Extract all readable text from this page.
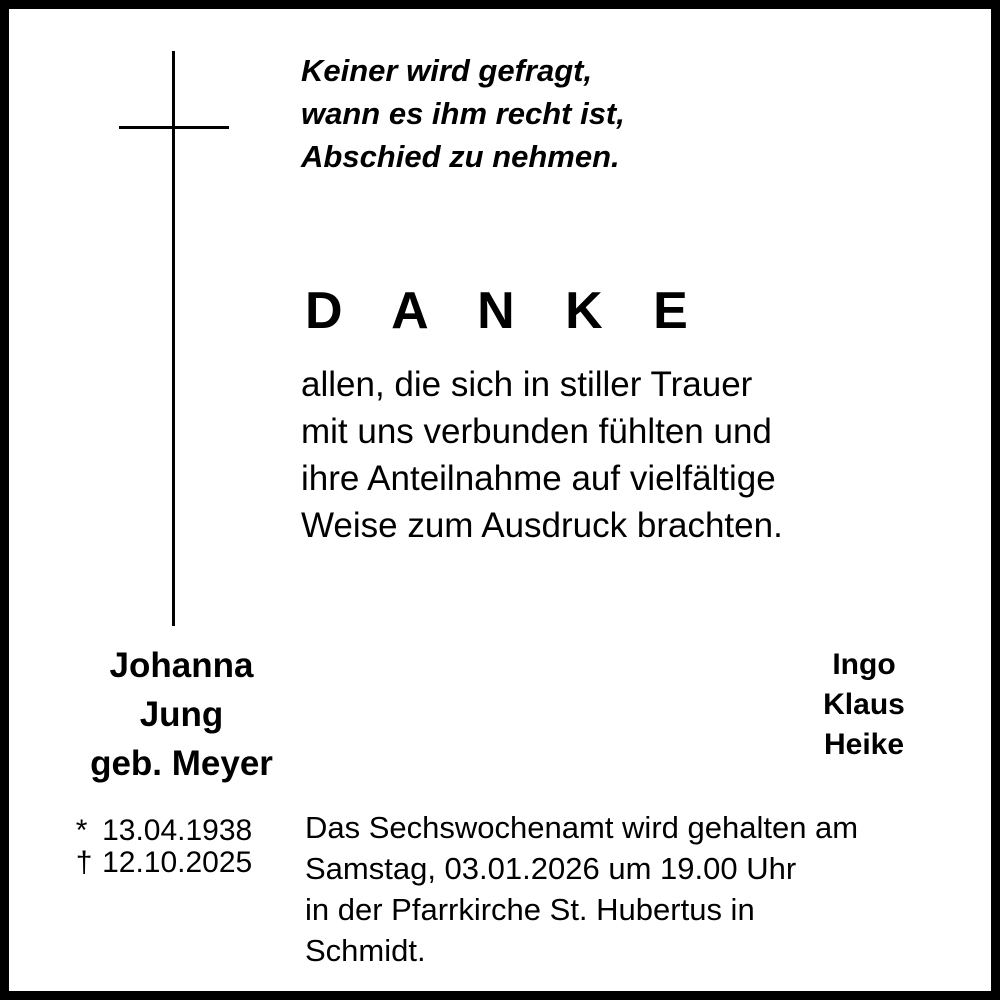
Keiner wird gefragt,
wann es ihm recht ist,
Abschied zu nehmen.
D A N K E
allen, die sich in stiller Trauer
mit uns verbunden fühlten und
ihre Anteilnahme auf vielfältige
Weise zum Ausdruck brachten.
Johanna
Jung
geb. Meyer
* 13.04.1938
† 12.10.2025
Ingo
Klaus
Heike
Das Sechswochenamt wird gehalten am
Samstag, 03.01.2026 um 19.00 Uhr
in der Pfarrkirche St. Hubertus in
Schmidt.
